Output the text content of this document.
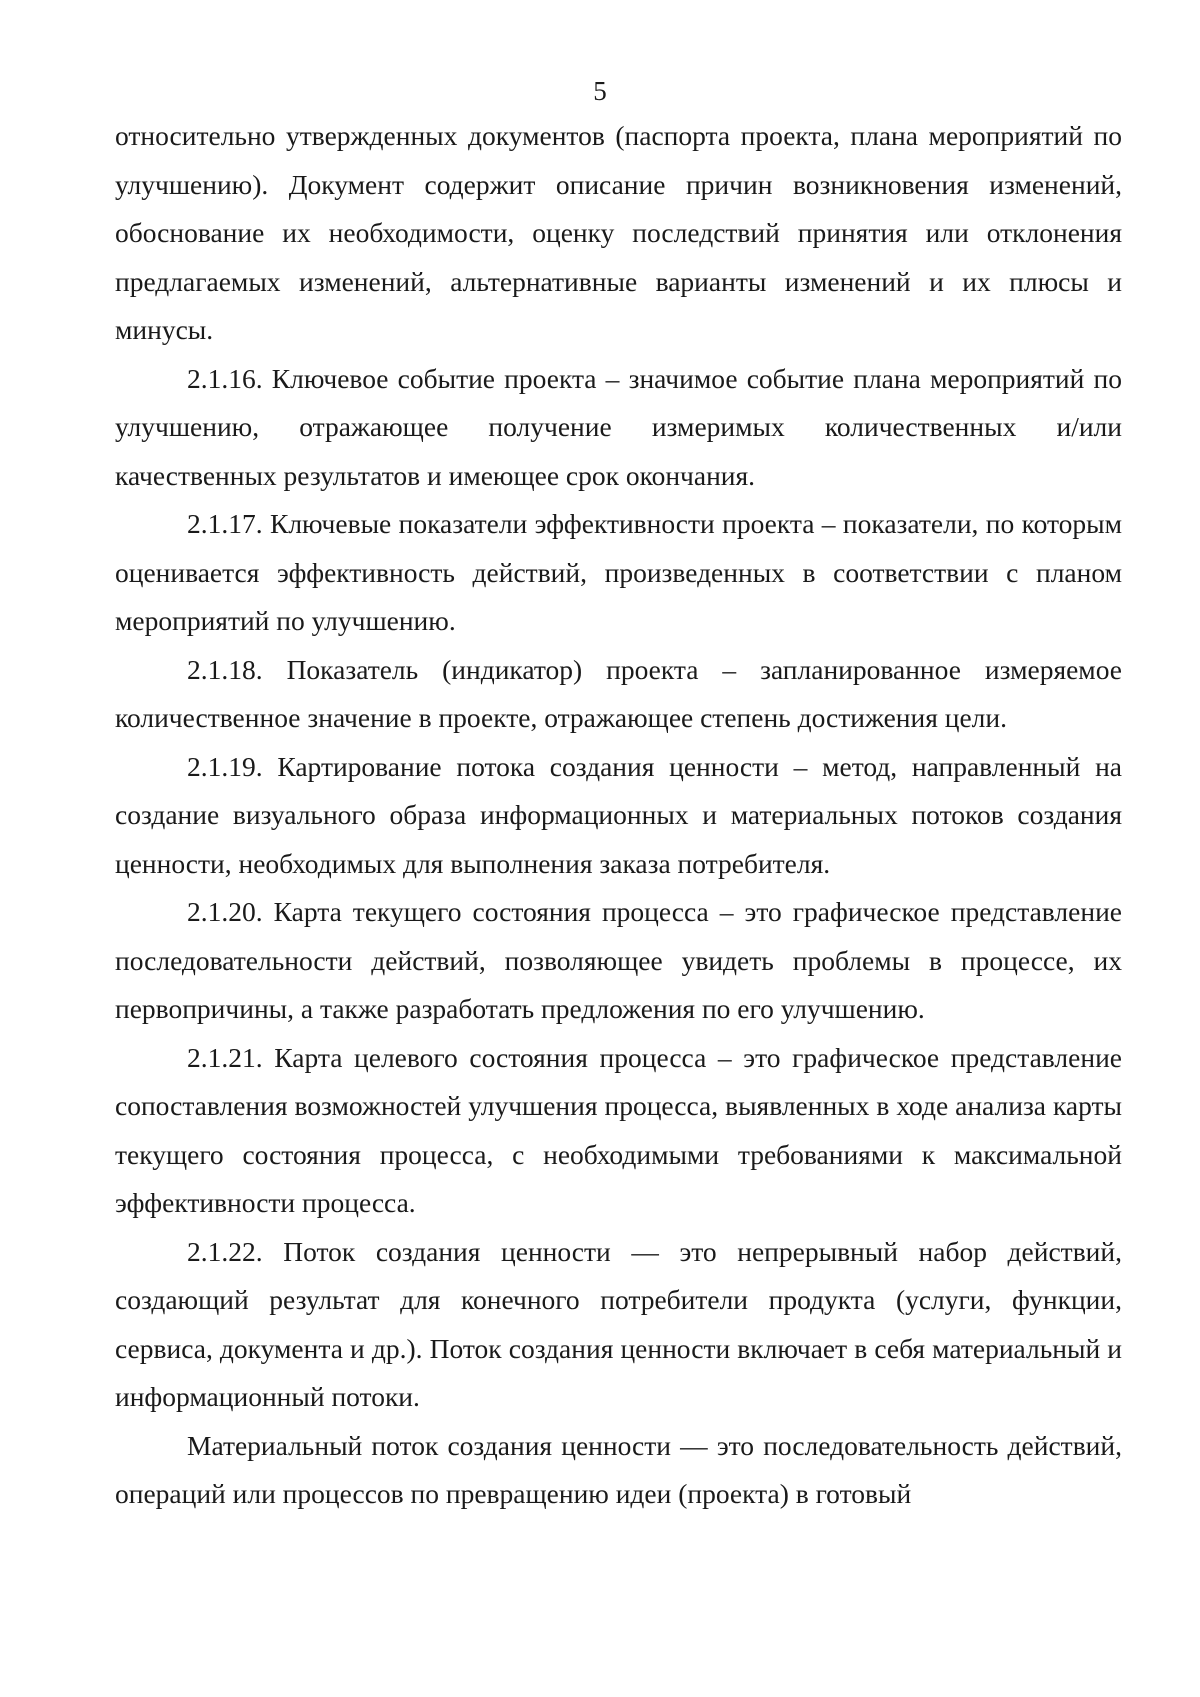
5

относительно утвержденных документов (паспорта проекта, плана мероприятий по улучшению). Документ содержит описание причин возникновения изменений, обоснование их необходимости, оценку последствий принятия или отклонения предлагаемых изменений, альтернативные варианты изменений и их плюсы и минусы.

2.1.16. Ключевое событие проекта – значимое событие плана мероприятий по улучшению, отражающее получение измеримых количественных и/или качественных результатов и имеющее срок окончания.

2.1.17. Ключевые показатели эффективности проекта – показатели, по которым оценивается эффективность действий, произведенных в соответствии с планом мероприятий по улучшению.

2.1.18. Показатель (индикатор) проекта – запланированное измеряемое количественное значение в проекте, отражающее степень достижения цели.

2.1.19. Картирование потока создания ценности – метод, направленный на создание визуального образа информационных и материальных потоков создания ценности, необходимых для выполнения заказа потребителя.

2.1.20. Карта текущего состояния процесса – это графическое представление последовательности действий, позволяющее увидеть проблемы в процессе, их первопричины, а также разработать предложения по его улучшению.

2.1.21. Карта целевого состояния процесса – это графическое представление сопоставления возможностей улучшения процесса, выявленных в ходе анализа карты текущего состояния процесса, с необходимыми требованиями к максимальной эффективности процесса.

2.1.22. Поток создания ценности — это непрерывный набор действий, создающий результат для конечного потребители продукта (услуги, функции, сервиса, документа и др.). Поток создания ценности включает в себя материальный и информационный потоки.

Материальный поток создания ценности — это последовательность действий, операций или процессов по превращению идеи (проекта) в готовый
